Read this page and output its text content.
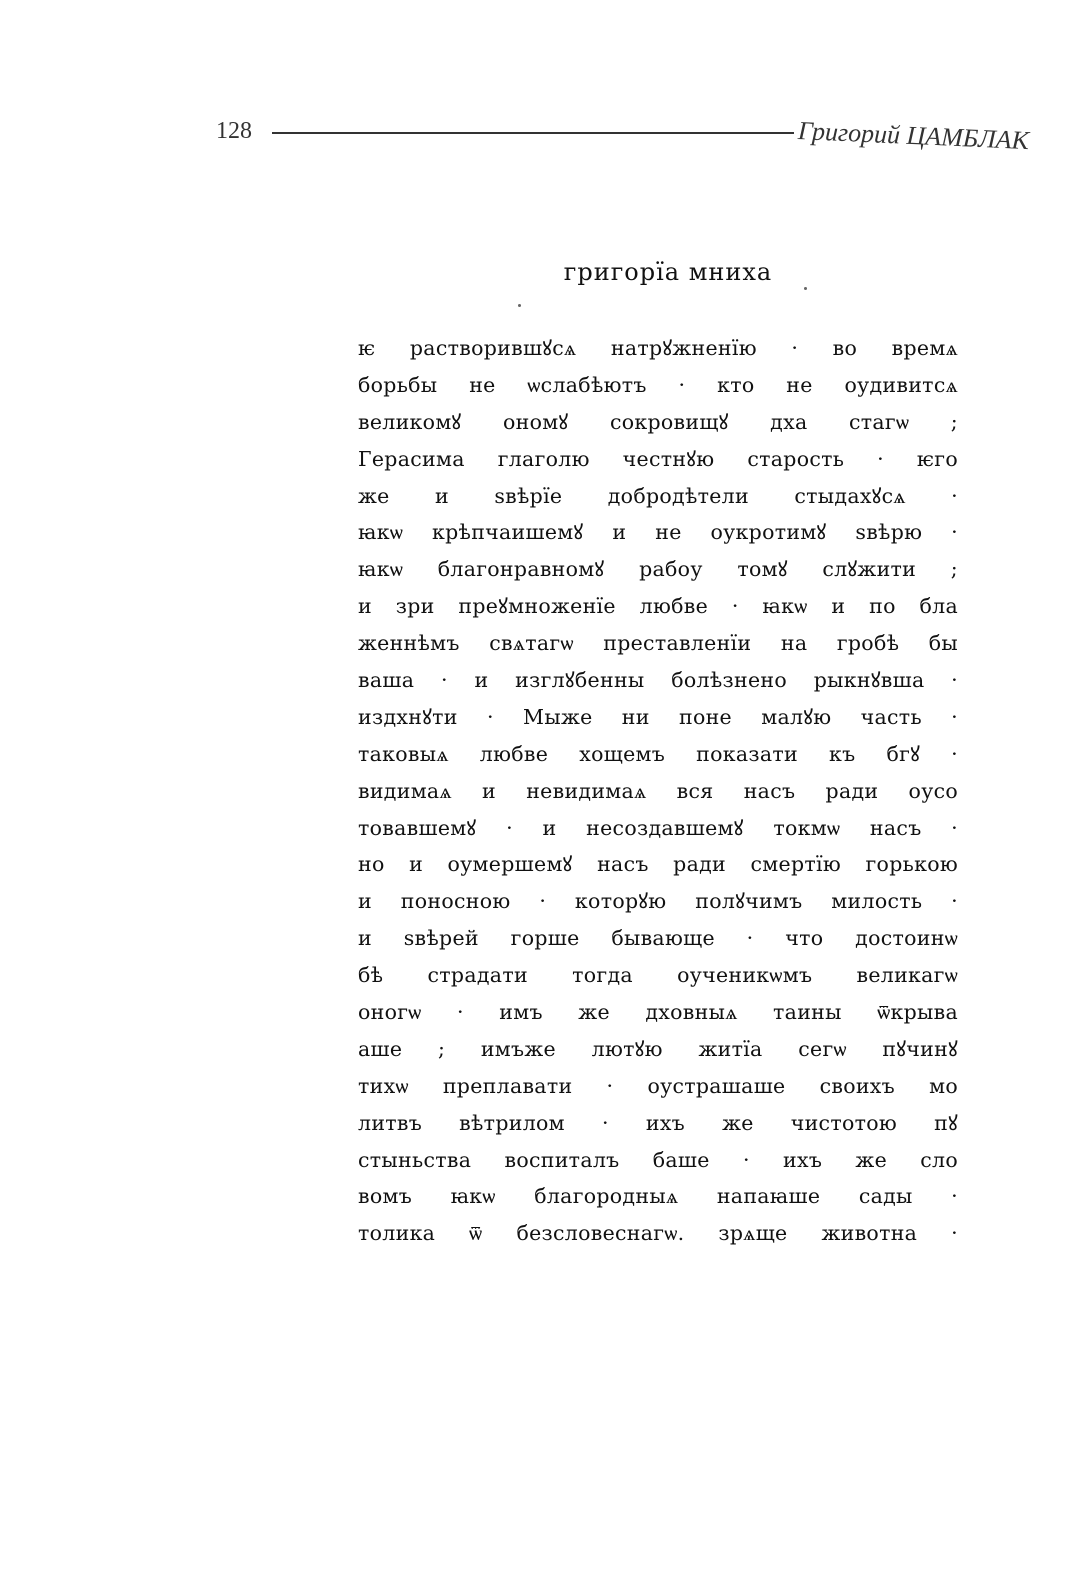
128	Григорий ЦАМБЛАК
григорїа мниха
ѥ растворившꙋсѧ натрꙋжненїю · во времѧ
борьбы не ѡслабѣютъ · кто не оудивитсѧ
великомꙋ ономꙋ сокровищꙋ дха стагѡ ;
Герасима глаголю честнꙋю старость · ѥго
же и sвѣрїе добродѣтели стыдахꙋсѧ ·
ꙗкѡ крѣпчаишемꙋ и не оукротимꙋ sвѣрю ·
ꙗкѡ благонравномꙋ рабоу томꙋ слꙋжити ;
и зри преꙋмноженїе любве · ꙗкѡ и по бла
женнѣмъ свѧтагѡ преставленїи на гробѣ бы
ваша · и изглꙋбенны болѣзнено рыкнꙋвша ·
издхнꙋти · Мыже ни поне малꙋю часть ·
таковыѧ любве хощемъ показати къ бгꙋ ·
видимаѧ и невидимаѧ вся насъ ради оусо
товавшемꙋ · и несоздавшемꙋ токмѡ насъ ·
но и оумершемꙋ насъ ради смертїю горькою
и поносною · которꙋю полꙋчимъ милость ·
и sвѣрей горше бывающе · что достоинѡ
бѣ страдати тогда оученикѡмъ великагѡ
оногѡ · имъ же дховныѧ таины ѿкрыва
аше ; имъже лютꙋю житїа сегѡ пꙋчинꙋ
тихѡ преплавати · оустрашаше своихъ мо
литвъ вѣтрилом · ихъ же чистотою пꙋ
стыньства воспиталъ баше · ихъ же сло
вомъ ꙗкѡ благородныѧ напаꙗше сады ·
толика ѿ безсловеснагѡ. зрѧще животна ·
